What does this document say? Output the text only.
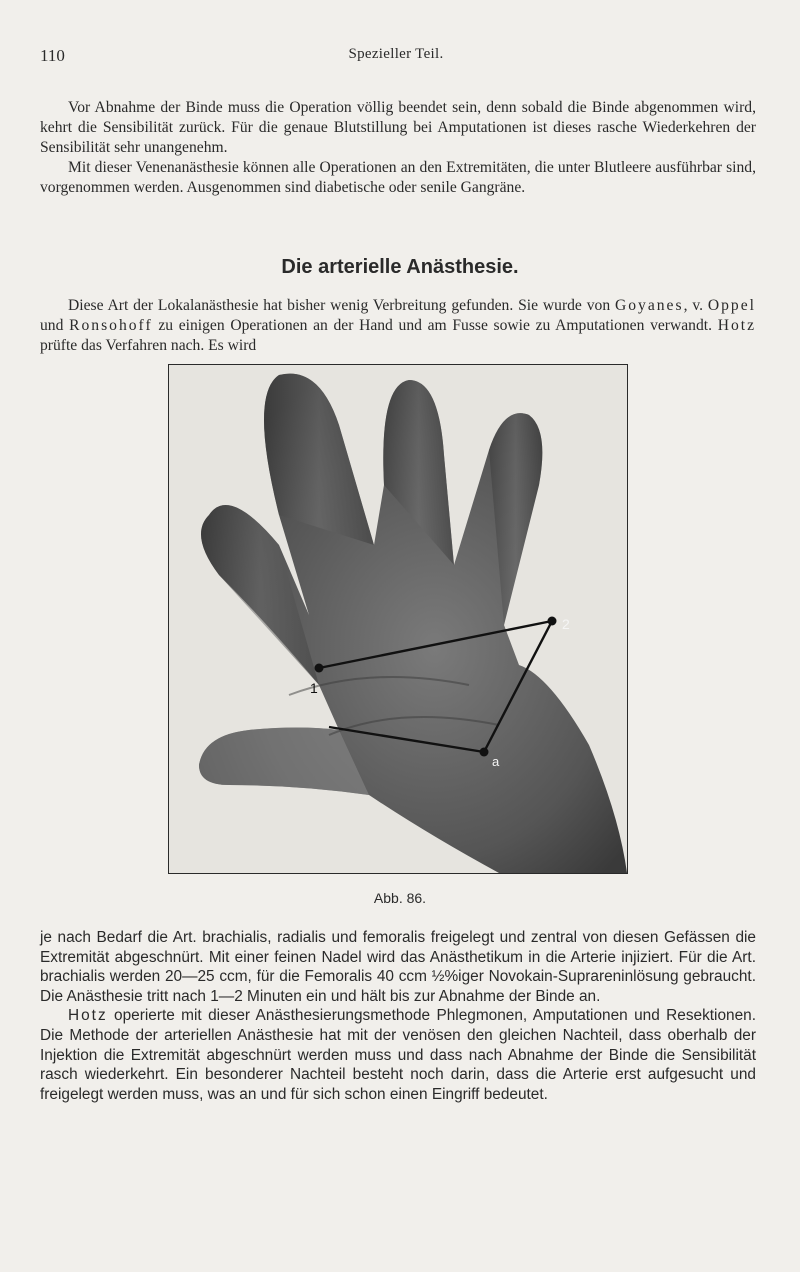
110	Spezieller Teil.

Vor Abnahme der Binde muss die Operation völlig beendet sein, denn sobald die Binde abgenommen wird, kehrt die Sensibilität zurück. Für die genaue Blutstillung bei Amputationen ist dieses rasche Wiederkehren der Sensibilität sehr unangenehm.

Mit dieser Venenanästhesie können alle Operationen an den Extremitäten, die unter Blutleere ausführbar sind, vorgenommen werden. Ausgenommen sind diabetische oder senile Gangräne.

Die arterielle Anästhesie.

Diese Art der Lokalanästhesie hat bisher wenig Verbreitung gefunden. Sie wurde von Goyanes, v. Oppel und Ronsohoff zu einigen Operationen an der Hand und am Fusse sowie zu Amputationen verwandt. Hotz prüfte das Verfahren nach. Es wird

1
2
a
Abb. 86.

je nach Bedarf die Art. brachialis, radialis und femoralis freigelegt und zentral von diesen Gefässen die Extremität abgeschnürt. Mit einer feinen Nadel wird das Anästhetikum in die Arterie injiziert. Für die Art. brachialis werden 20—25 ccm, für die Femoralis 40 ccm ½%iger Novokain-Suprareninlösung gebraucht. Die Anästhesie tritt nach 1—2 Minuten ein und hält bis zur Abnahme der Binde an.

Hotz operierte mit dieser Anästhesierungsmethode Phlegmonen, Amputationen und Resektionen. Die Methode der arteriellen Anästhesie hat mit der venösen den gleichen Nachteil, dass oberhalb der Injektion die Extremität abgeschnürt werden muss und dass nach Abnahme der Binde die Sensibilität rasch wiederkehrt. Ein besonderer Nachteil besteht noch darin, dass die Arterie erst aufgesucht und freigelegt werden muss, was an und für sich schon einen Eingriff bedeutet.
